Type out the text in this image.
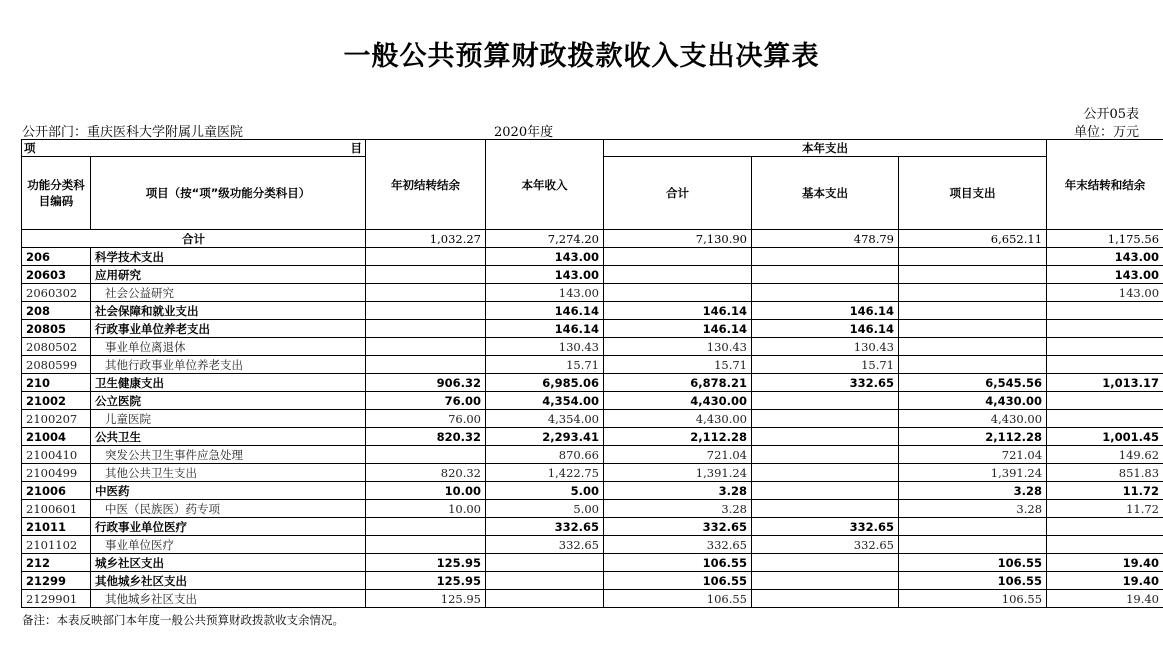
一般公共预算财政拨款收入支出决算表
公开05表
公开部门：重庆医科大学附属儿童医院	2020年度	单位：万元
项 目		年初结转结余	本年收入	本年支出			年末结转和结余
功能分类科目编码	项目（按“项”级功能分类科目）			合计	基本支出	项目支出	
合计		1,032.27	7,274.20	7,130.90	478.79	6,652.11	1,175.56
206	科学技术支出		143.00				143.00
20603	应用研究		143.00				143.00
2060302	社会公益研究		143.00				143.00
208	社会保障和就业支出		146.14	146.14	146.14		
20805	行政事业单位养老支出		146.14	146.14	146.14		
2080502	事业单位离退休		130.43	130.43	130.43		
2080599	其他行政事业单位养老支出		15.71	15.71	15.71		
210	卫生健康支出	906.32	6,985.06	6,878.21	332.65	6,545.56	1,013.17
21002	公立医院	76.00	4,354.00	4,430.00		4,430.00	
2100207	儿童医院	76.00	4,354.00	4,430.00		4,430.00	
21004	公共卫生	820.32	2,293.41	2,112.28		2,112.28	1,001.45
2100410	突发公共卫生事件应急处理		870.66	721.04		721.04	149.62
2100499	其他公共卫生支出	820.32	1,422.75	1,391.24		1,391.24	851.83
21006	中医药	10.00	5.00	3.28		3.28	11.72
2100601	中医（民族医）药专项	10.00	5.00	3.28		3.28	11.72
21011	行政事业单位医疗		332.65	332.65	332.65		
2101102	事业单位医疗		332.65	332.65	332.65		
212	城乡社区支出	125.95		106.55		106.55	19.40
21299	其他城乡社区支出	125.95		106.55		106.55	19.40
2129901	其他城乡社区支出	125.95		106.55		106.55	19.40
备注：本表反映部门本年度一般公共预算财政拨款收支余情况。
